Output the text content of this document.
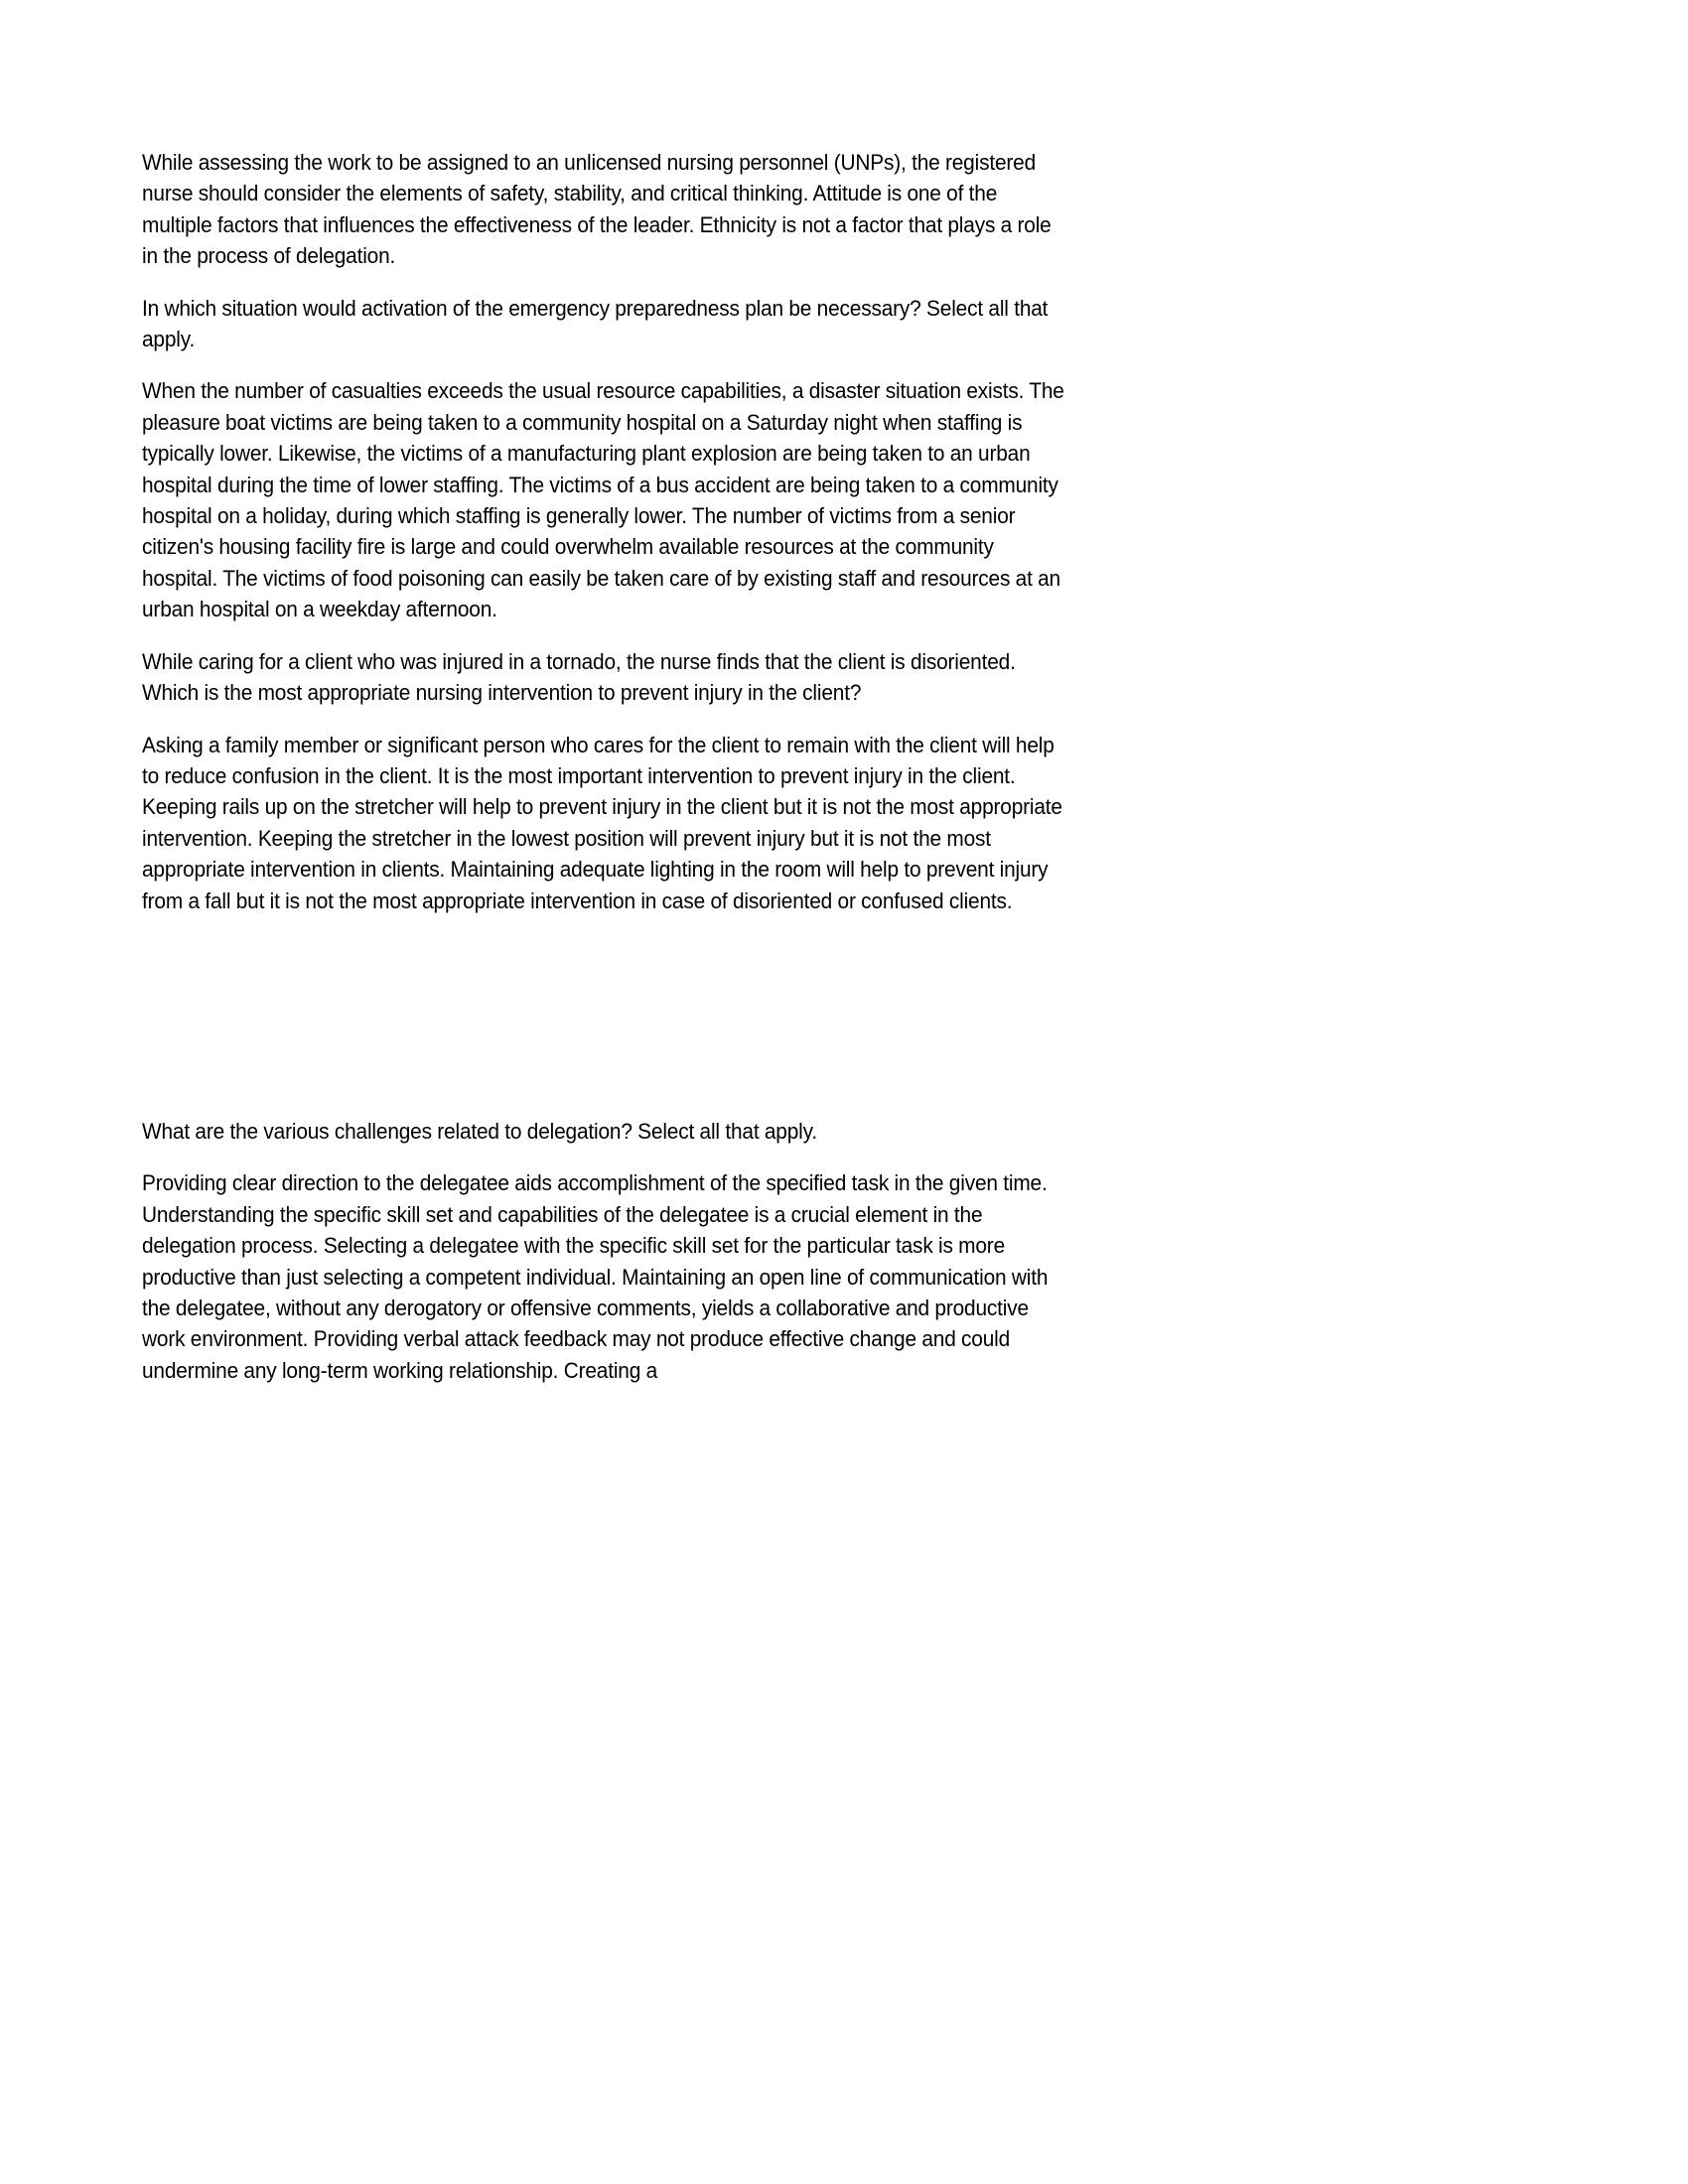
While assessing the work to be assigned to an unlicensed nursing personnel (UNPs), the registered nurse should consider the elements of safety, stability, and critical thinking. Attitude is one of the multiple factors that influences the effectiveness of the leader. Ethnicity is not a factor that plays a role in the process of delegation.

In which situation would activation of the emergency preparedness plan be necessary? Select all that apply.

When the number of casualties exceeds the usual resource capabilities, a disaster situation exists. The pleasure boat victims are being taken to a community hospital on a Saturday night when staffing is typically lower. Likewise, the victims of a manufacturing plant explosion are being taken to an urban hospital during the time of lower staffing. The victims of a bus accident are being taken to a community hospital on a holiday, during which staffing is generally lower. The number of victims from a senior citizen's housing facility fire is large and could overwhelm available resources at the community hospital. The victims of food poisoning can easily be taken care of by existing staff and resources at an urban hospital on a weekday afternoon.

While caring for a client who was injured in a tornado, the nurse finds that the client is disoriented. Which is the most appropriate nursing intervention to prevent injury in the client?

Asking a family member or significant person who cares for the client to remain with the client will help to reduce confusion in the client. It is the most important intervention to prevent injury in the client. Keeping rails up on the stretcher will help to prevent injury in the client but it is not the most appropriate intervention. Keeping the stretcher in the lowest position will prevent injury but it is not the most appropriate intervention in clients. Maintaining adequate lighting in the room will help to prevent injury from a fall but it is not the most appropriate intervention in case of disoriented or confused clients.

What are the various challenges related to delegation? Select all that apply.

Providing clear direction to the delegatee aids accomplishment of the specified task in the given time. Understanding the specific skill set and capabilities of the delegatee is a crucial element in the delegation process. Selecting a delegatee with the specific skill set for the particular task is more productive than just selecting a competent individual. Maintaining an open line of communication with the delegatee, without any derogatory or offensive comments, yields a collaborative and productive work environment. Providing verbal attack feedback may not produce effective change and could undermine any long-term working relationship. Creating a
